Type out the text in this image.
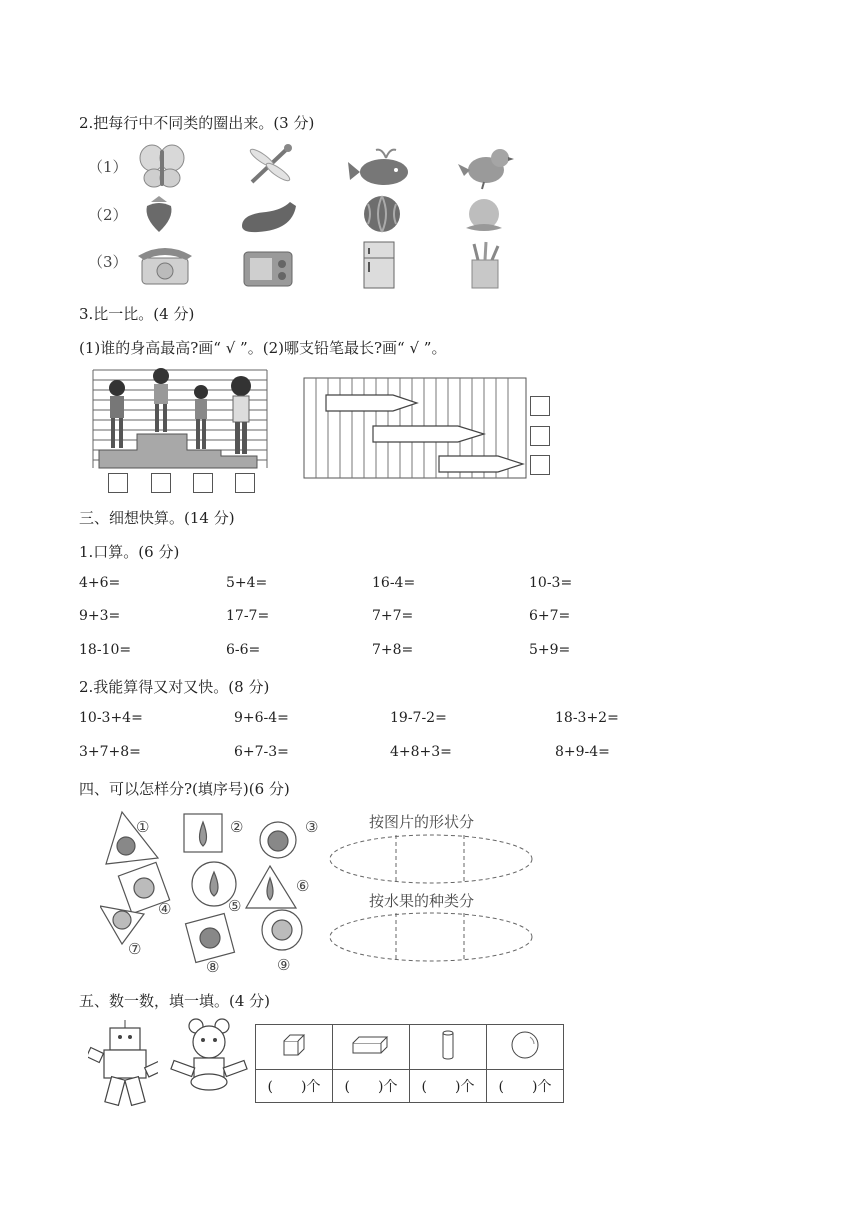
2.把每行中不同类的圈出来。(3 分)
（1）
（2）
（3）
3.比一比。(4 分)
(1)谁的身高最高?画“ √ ”。(2)哪支铅笔最长?画“ √ ”。
三、细想快算。(14 分)
1.口算。(6 分)
4+6=	5+4=	16-4=	10-3=
9+3=	17-7=	7+7=	6+7=
18-10=	6-6=	7+8=	5+9=
2.我能算得又对又快。(8 分)
10-3+4=	9+6-4=	19-7-2=	18-3+2=
3+7+8=	6+7-3=	4+8+3=	8+9-4=
四、可以怎样分?(填序号)(6 分)
①	②	③
④	⑤
⑥
⑦
⑧	⑨
按图片的形状分
按水果的种类分
五、数一数，填一填。(4 分)

(　　)个	(　　)个	(　　)个	(　　)个
